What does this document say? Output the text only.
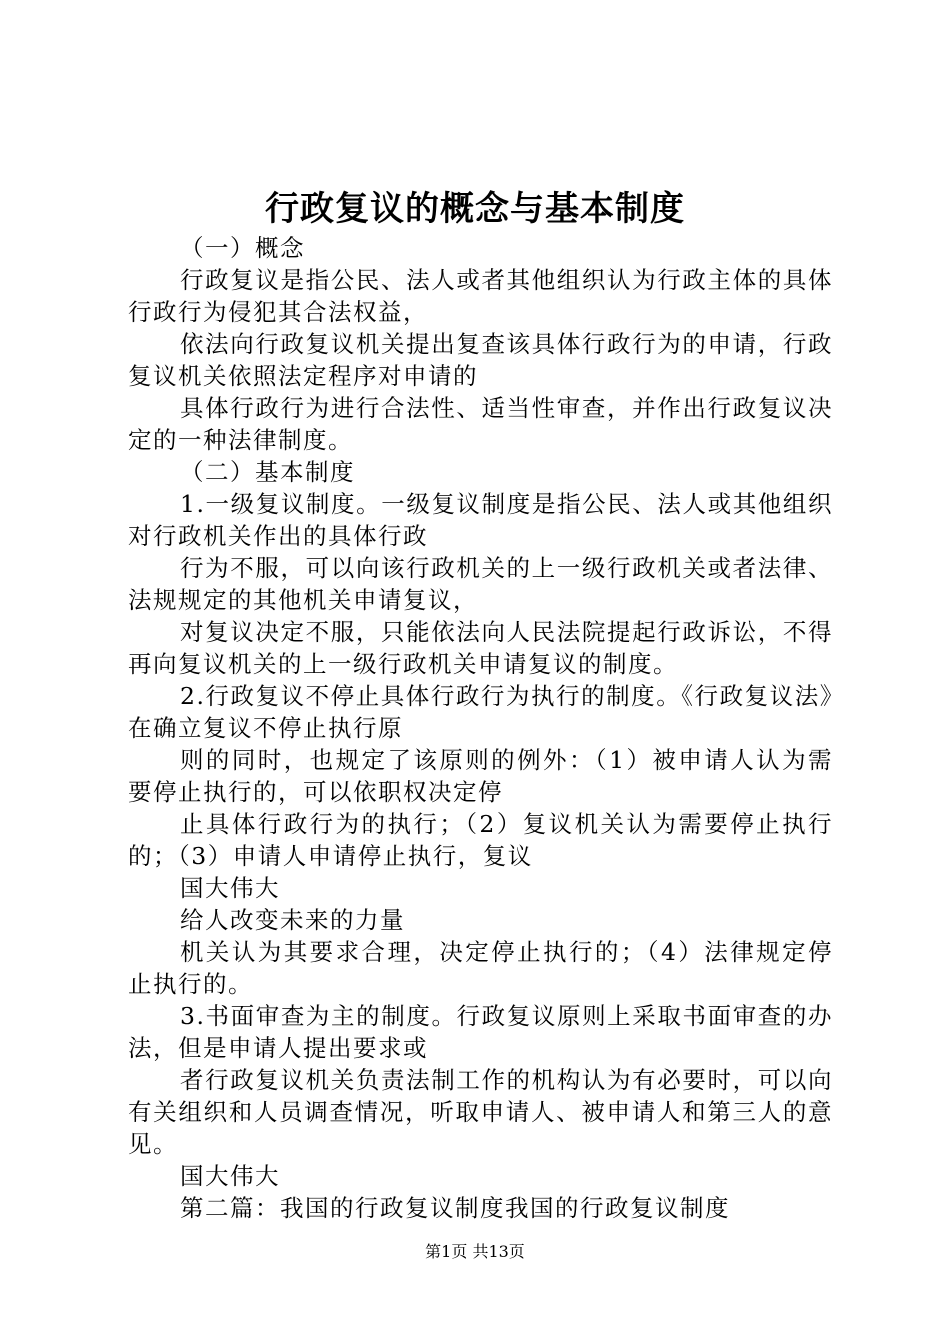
行政复议的概念与基本制度

（一）概念

行政复议是指公民、法人或者其他组织认为行政主体的具体行政行为侵犯其合法权益，

依法向行政复议机关提出复查该具体行政行为的申请，行政复议机关依照法定程序对申请的

具体行政行为进行合法性、适当性审查，并作出行政复议决定的一种法律制度。

（二）基本制度

1.一级复议制度。一级复议制度是指公民、法人或其他组织对行政机关作出的具体行政

行为不服，可以向该行政机关的上一级行政机关或者法律、法规规定的其他机关申请复议，

对复议决定不服，只能依法向人民法院提起行政诉讼，不得再向复议机关的上一级行政机关申请复议的制度。

2.行政复议不停止具体行政行为执行的制度。《行政复议法》在确立复议不停止执行原

则的同时，也规定了该原则的例外：（1）被申请人认为需要停止执行的，可以依职权决定停

止具体行政行为的执行；（2）复议机关认为需要停止执行的；（3）申请人申请停止执行，复议

国大伟大

给人改变未来的力量

机关认为其要求合理，决定停止执行的；（4）法律规定停止执行的。

3.书面审查为主的制度。行政复议原则上采取书面审查的办法，但是申请人提出要求或

者行政复议机关负责法制工作的机构认为有必要时，可以向有关组织和人员调查情况，听取申请人、被申请人和第三人的意见。

国大伟大

第二篇：我国的行政复议制度我国的行政复议制度

第1页 共13页
